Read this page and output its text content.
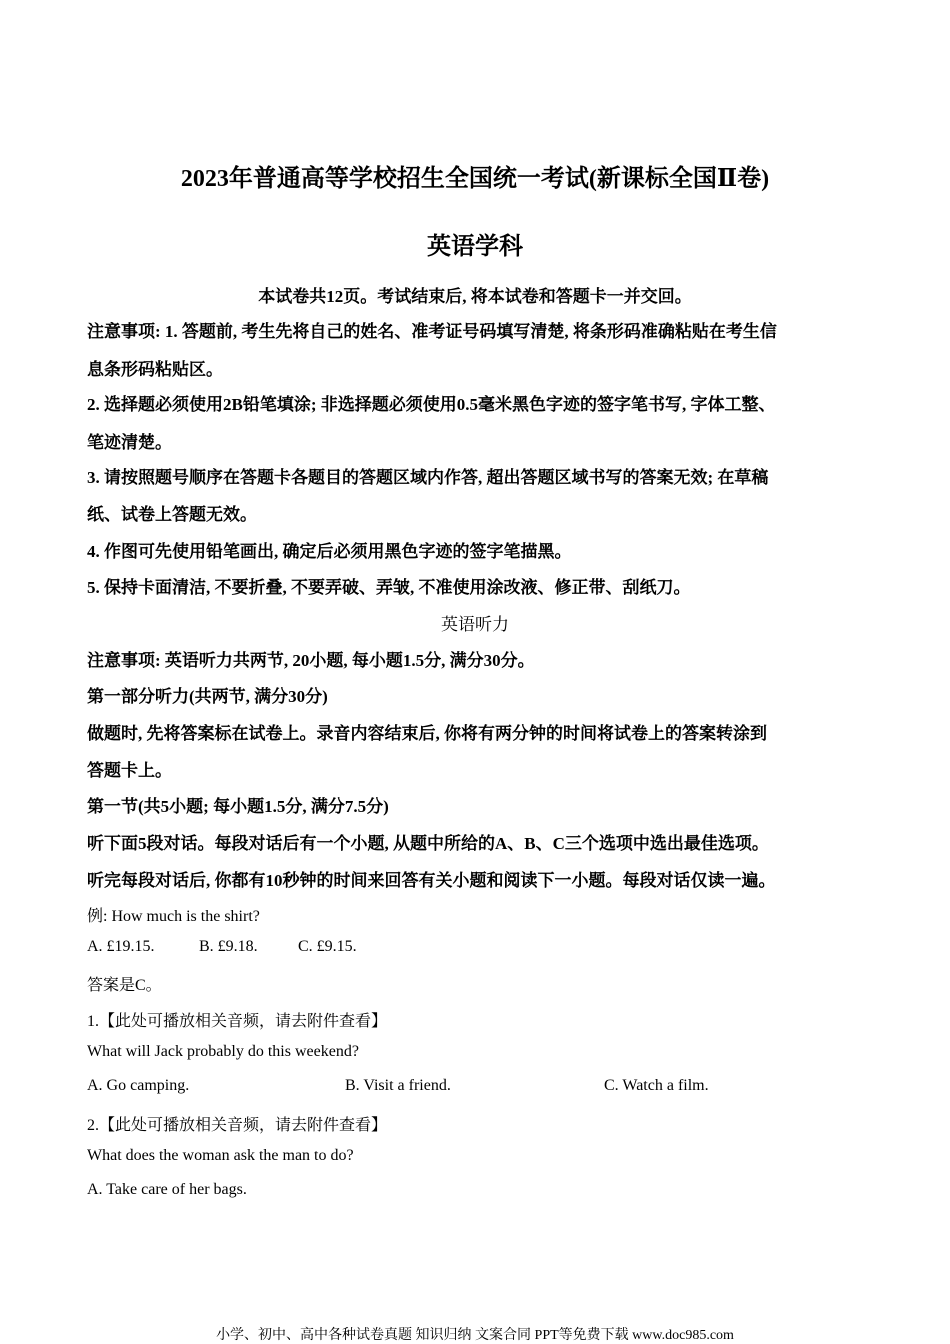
2023年普通高等学校招生全国统一考试(新课标全国Ⅱ卷)
英语学科
本试卷共12页。考试结束后, 将本试卷和答题卡一并交回。
注意事项: 1. 答题前, 考生先将自己的姓名、准考证号码填写清楚, 将条形码准确粘贴在考生信
息条形码粘贴区。
2. 选择题必须使用2B铅笔填涂; 非选择题必须使用0.5毫米黑色字迹的签字笔书写, 字体工整、
笔迹清楚。
3. 请按照题号顺序在答题卡各题目的答题区域内作答, 超出答题区域书写的答案无效; 在草稿
纸、试卷上答题无效。
4. 作图可先使用铅笔画出, 确定后必须用黑色字迹的签字笔描黑。
5. 保持卡面清洁, 不要折叠, 不要弄破、弄皱, 不准使用涂改液、修正带、刮纸刀。
英语听力
注意事项: 英语听力共两节, 20小题, 每小题1.5分, 满分30分。
第一部分听力(共两节, 满分30分)
做题时, 先将答案标在试卷上。录音内容结束后, 你将有两分钟的时间将试卷上的答案转涂到
答题卡上。
第一节(共5小题; 每小题1.5分, 满分7.5分)
听下面5段对话。每段对话后有一个小题, 从题中所给的A、B、C三个选项中选出最佳选项。
听完每段对话后, 你都有10秒钟的时间来回答有关小题和阅读下一小题。每段对话仅读一遍。
例: How much is the shirt?
A. £19.15.	B. £9.18.	C. £9.15.
答案是C。
1.【此处可播放相关音频，请去附件查看】
What will Jack probably do this weekend?
A. Go camping.	B. Visit a friend.	C. Watch a film.
2.【此处可播放相关音频，请去附件查看】
What does the woman ask the man to do?
A. Take care of her bags.
小学、初中、高中各种试卷真题 知识归纳 文案合同 PPT等免费下载 www.doc985.com
